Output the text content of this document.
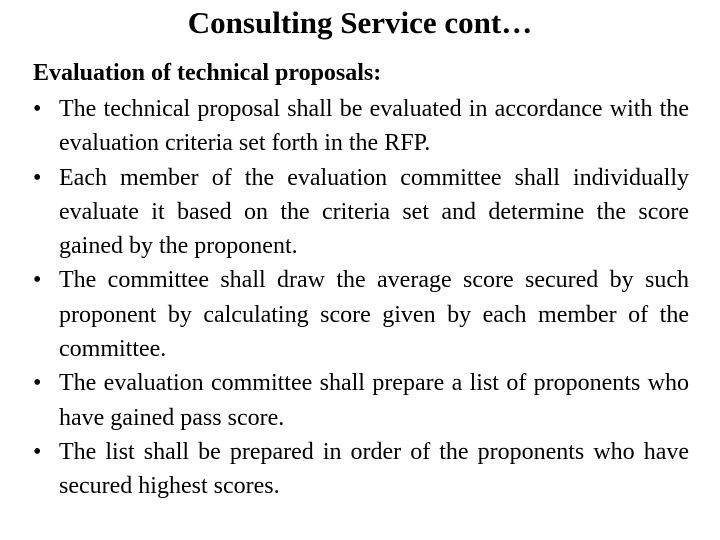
Consulting Service cont…
Evaluation of technical proposals:
• The technical proposal shall be evaluated in accordance with the evaluation criteria set forth in the RFP.
• Each member of the evaluation committee shall individually evaluate it based on the criteria set and determine the score gained by the proponent.
• The committee shall draw the average score secured by such proponent by calculating score given by each member of the committee.
• The evaluation committee shall prepare a list of proponents who have gained pass score.
• The list shall be prepared in order of the proponents who have secured highest scores.
